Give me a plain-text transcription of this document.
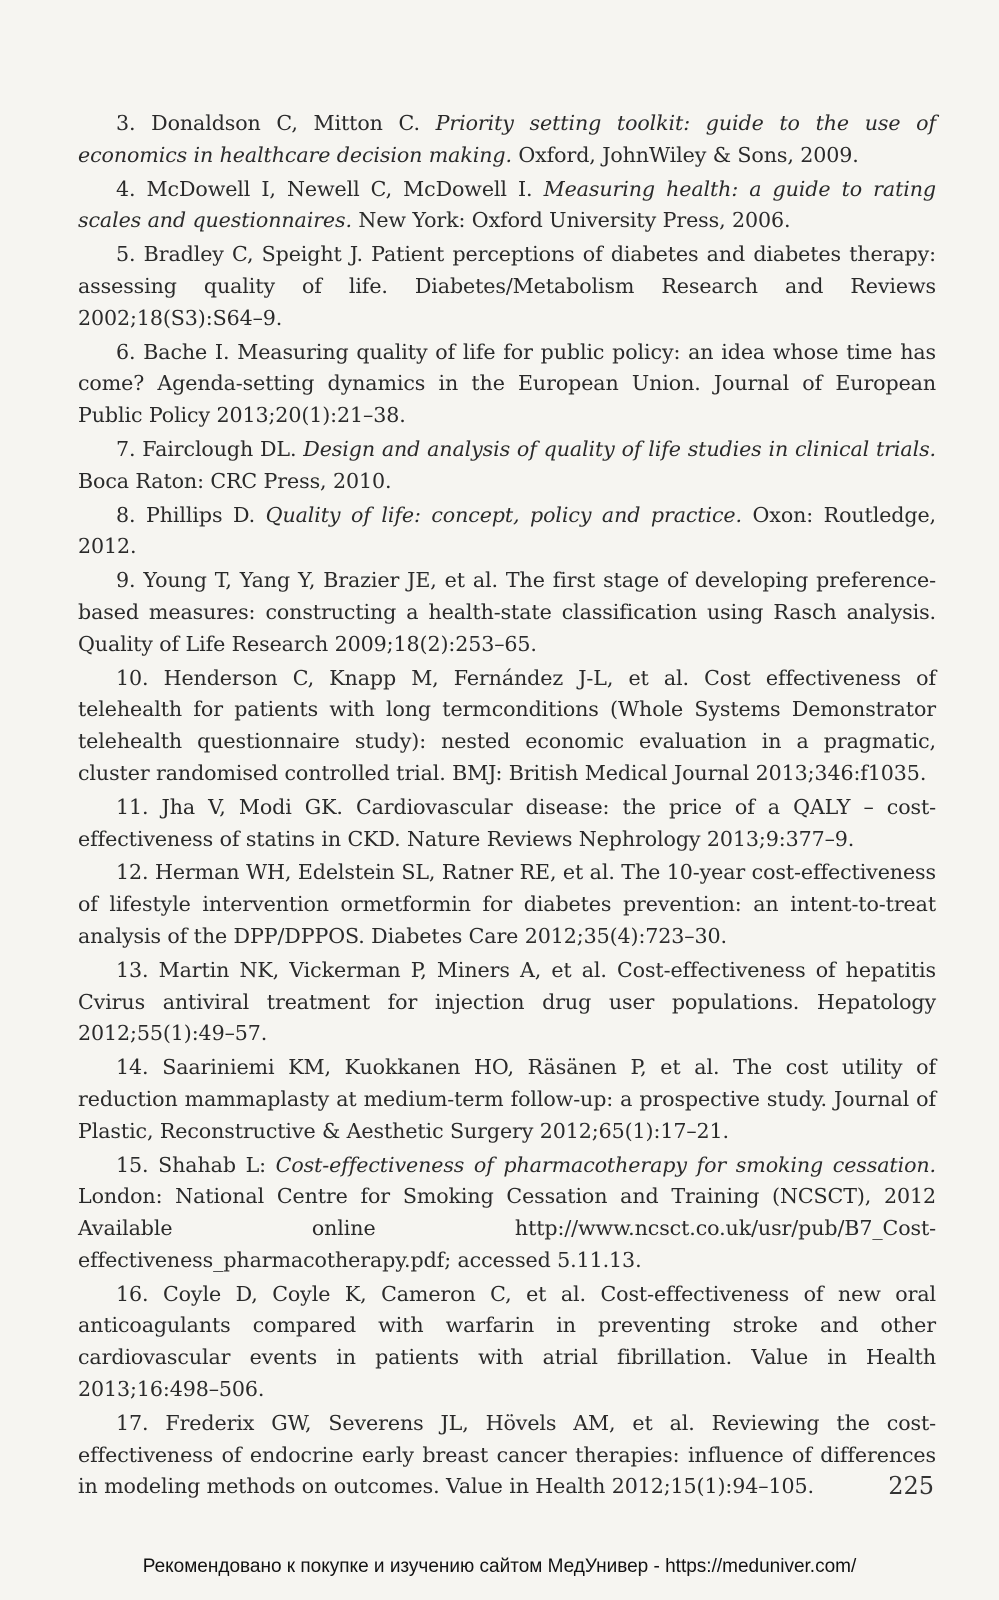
3. Donaldson C, Mitton C. Priority setting toolkit: guide to the use of economics in healthcare decision making. Oxford, JohnWiley & Sons, 2009.

4. McDowell I, Newell C, McDowell I. Measuring health: a guide to rating scales and questionnaires. New York: Oxford University Press, 2006.

5. Bradley C, Speight J. Patient perceptions of diabetes and diabetes therapy: assessing quality of life. Diabetes/Metabolism Research and Reviews 2002;18(S3):S64–9.

6. Bache I. Measuring quality of life for public policy: an idea whose time has come? Agenda-setting dynamics in the European Union. Journal of European Public Policy 2013;20(1):21–38.

7. Fairclough DL. Design and analysis of quality of life studies in clinical trials. Boca Raton: CRC Press, 2010.

8. Phillips D. Quality of life: concept, policy and practice. Oxon: Routledge, 2012.

9. Young T, Yang Y, Brazier JE, et al. The first stage of developing preference-based measures: constructing a health-state classification using Rasch analysis. Quality of Life Research 2009;18(2):253–65.

10. Henderson C, Knapp M, Fernández J-L, et al. Cost effectiveness of telehealth for patients with long termconditions (Whole Systems Demonstrator telehealth questionnaire study): nested economic evaluation in a pragmatic, cluster randomised controlled trial. BMJ: British Medical Journal 2013;346:f1035.

11. Jha V, Modi GK. Cardiovascular disease: the price of a QALY – cost-effectiveness of statins in CKD. Nature Reviews Nephrology 2013;9:377–9.

12. Herman WH, Edelstein SL, Ratner RE, et al. The 10-year cost-effectiveness of lifestyle intervention ormetformin for diabetes prevention: an intent-to-treat analysis of the DPP/DPPOS. Diabetes Care 2012;35(4):723–30.

13. Martin NK, Vickerman P, Miners A, et al. Cost-effectiveness of hepatitis Cvirus antiviral treatment for injection drug user populations. Hepatology 2012;55(1):49–57.

14. Saariniemi KM, Kuokkanen HO, Räsänen P, et al. The cost utility of reduction mammaplasty at medium-term follow-up: a prospective study. Journal of Plastic, Reconstructive & Aesthetic Surgery 2012;65(1):17–21.

15. Shahab L: Cost-effectiveness of pharmacotherapy for smoking cessation. London: National Centre for Smoking Cessation and Training (NCSCT), 2012 Available online http://www.ncsct.co.uk/usr/pub/B7_Cost-effectiveness_pharmacotherapy.pdf; accessed 5.11.13.

16. Coyle D, Coyle K, Cameron C, et al. Cost-effectiveness of new oral anticoagulants compared with warfarin in preventing stroke and other cardiovascular events in patients with atrial fibrillation. Value in Health 2013;16:498–506.

17. Frederix GW, Severens JL, Hövels AM, et al. Reviewing the cost-effectiveness of endocrine early breast cancer therapies: influence of differences in modeling methods on outcomes. Value in Health 2012;15(1):94–105.	225
Рекомендовано к покупке и изучению сайтом МедУнивер - https://meduniver.com/
